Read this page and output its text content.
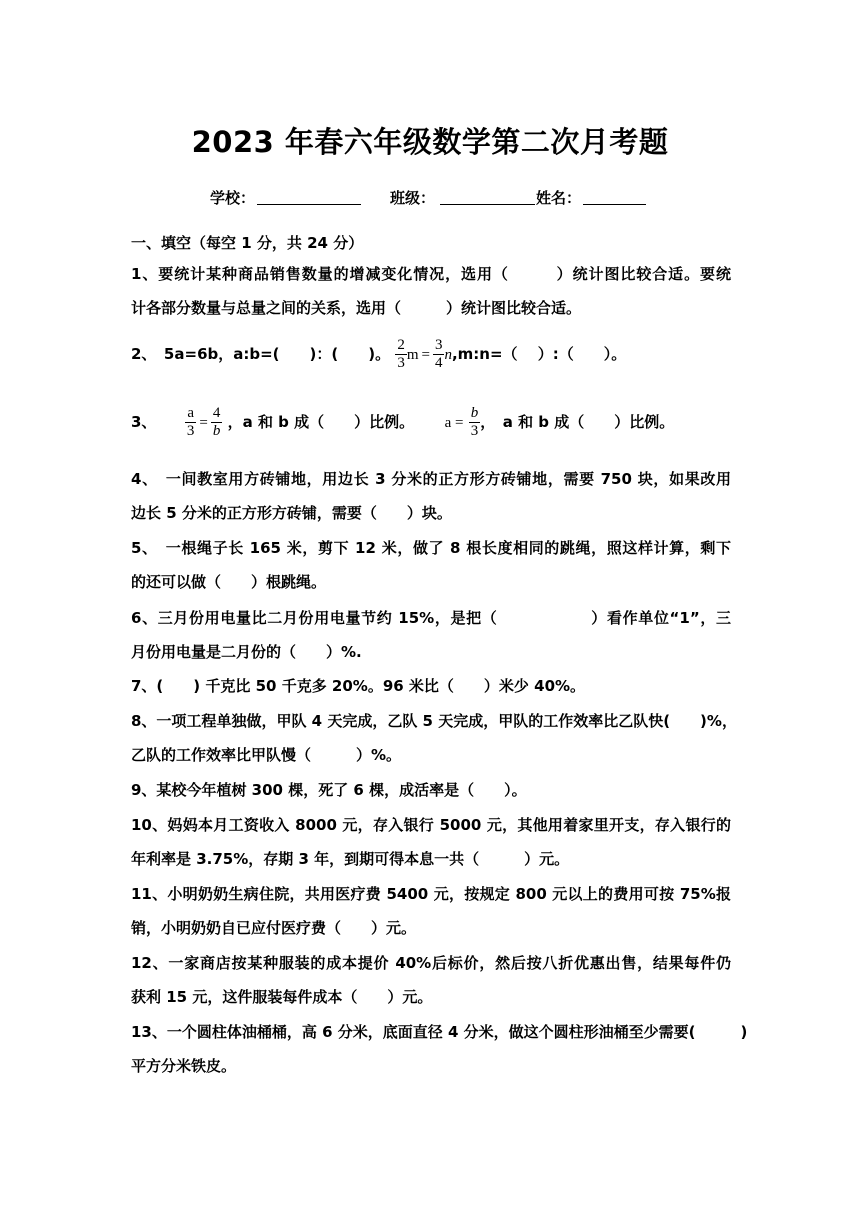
2023 年春六年级数学第二次月考题
学校：	班级：	姓名：
一、填空（每空 1 分，共 24 分）
1、要统计某种商品销售数量的增减变化情况，选用（　　　）统计图比较合适。要统
计各部分数量与总量之间的关系，选用（　　　）统计图比较合适。
2、　5a=6b，a:b=(　　)：(　　)。 $\frac{2}{3}$ $m = \frac{3}{4}$ n,m:n=（　 ）:（　　）。
3、 $\frac{a}{3} = \frac{4}{b}$ ，a 和 b 成（　　）比例。 $a = \frac{b}{3}$ ，　a 和 b 成（　　）比例。
4、　一间教室用方砖铺地，用边长 3 分米的正方形方砖铺地，需要 750 块，如果改用
边长 5 分米的正方形方砖铺，需要（　　）块。
5、　一根绳子长 165 米，剪下 12 米，做了 8 根长度相同的跳绳，照这样计算，剩下
的还可以做（　　）根跳绳。
6、三月份用电量比二月份用电量节约 15%，是把（　　　　　　）看作单位“1”，三
月份用电量是二月份的（　　）%.
7、(　　) 千克比 50 千克多 20%。96 米比（　　）米少 40%。
8、一项工程单独做，甲队 4 天完成，乙队 5 天完成，甲队的工作效率比乙队快(　　)%，
乙队的工作效率比甲队慢（　　　）%。
9、某校今年植树 300 棵，死了 6 棵，成活率是（　　）。
10、妈妈本月工资收入 8000 元，存入银行 5000 元，其他用着家里开支，存入银行的
年利率是 3.75%，存期 3 年，到期可得本息一共（　　　）元。
11、小明奶奶生病住院，共用医疗费 5400 元，按规定 800 元以上的费用可按 75%报
销，小明奶奶自已应付医疗费（　　）元。
12、一家商店按某种服装的成本提价 40%后标价，然后按八折优惠出售，结果每件仍
获利 15 元，这件服装每件成本（　　）元。
13、一个圆柱体油桶桶，高 6 分米，底面直径 4 分米，做这个圆柱形油桶至少需要(　　　)
平方分米铁皮。
